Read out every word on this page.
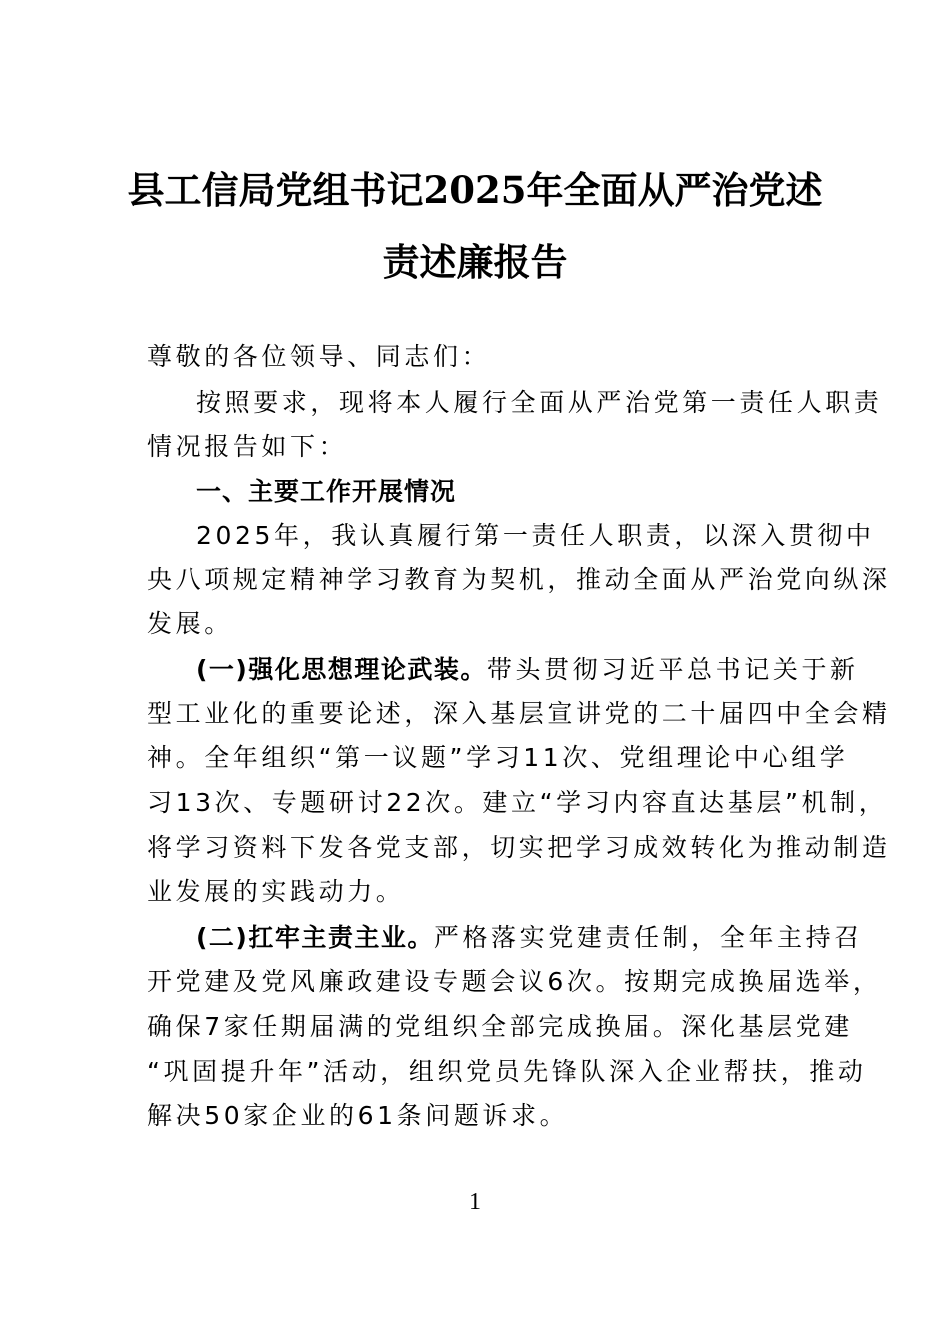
县工信局党组书记2025年全面从严治党述
责述廉报告
尊敬的各位领导、同志们：
按照要求，现将本人履行全面从严治党第一责任人职责
情况报告如下：
一、主要工作开展情况
2025年，我认真履行第一责任人职责，以深入贯彻中
央八项规定精神学习教育为契机，推动全面从严治党向纵深
发展。
(一)强化思想理论武装。带头贯彻习近平总书记关于新
型工业化的重要论述，深入基层宣讲党的二十届四中全会精
神。全年组织“第一议题”学习11次、党组理论中心组学
习13次、专题研讨22次。建立“学习内容直达基层”机制，
将学习资料下发各党支部，切实把学习成效转化为推动制造
业发展的实践动力。
(二)扛牢主责主业。严格落实党建责任制，全年主持召
开党建及党风廉政建设专题会议6次。按期完成换届选举，
确保7家任期届满的党组织全部完成换届。深化基层党建
“巩固提升年”活动，组织党员先锋队深入企业帮扶，推动
解决50家企业的61条问题诉求。
1
